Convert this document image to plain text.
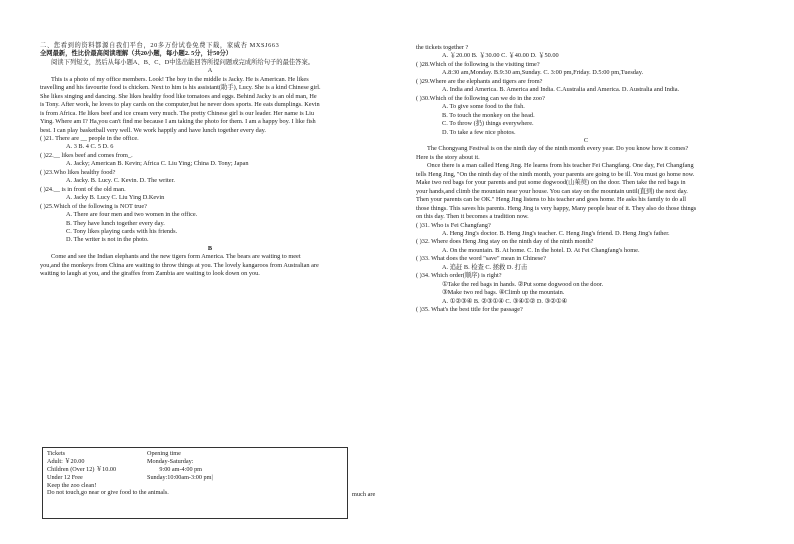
二、您看到的资料都源自我们平台，20多万份试卷免费下载，家威杏 MXSJ663
全网最新，性比价最高阅读理解（共20小题，每小题2. 5分，计50分）
阅读下列短文，然后从每小题A、B、C、D中选出能回答所提问题或完成所给句子的最佳答案。
A
This is a photo of my office members. Look! The boy in the middle is Jacky. He is American. He likes
travelling and his favourite food is chicken. Next to him is his assistant(助手), Lucy. She is a kind Chinese girl.
She likes singing and dancing. She likes healthy food like tomatoes and eggs. Behind Jacky is an old man, He
is Tony. After work, he loves to play cards on the computer,but he never does sports. He eats dumplings. Kevin
is from Africa. He likes beef and ice cream very much. The pretty Chinese girl is our leader. Her name is Liu
Ying. Where am I? Ha,you can't find me because I am taking the photo for them. I am a happy boy. I like fish
best. I can play basketball very well. We work happily and have lunch together every day.
( )21. There are __ people in the office.
A. 3 B. 4 C. 5 D. 6
( )22.__ likes beef and comes from_.
A. Jacky; American B. Kevin; Africa C. Liu Ying; China D. Tony; Japan
( )23.Who likes healthy food?
A. Jacky. B. Lucy. C. Kevin. D. The writer.
( )24.__ is in front of the old man.
A. Jacky B. Lucy C. Liu Ying D.Kevin
( )25.Which of the following is NOT true?
A. There are four men and two women in the office.
B. They have lunch together every day.
C. Tony likes playing cards with his friends.
D. The writer is not in the photo.
B
Come and see the Indian elephants and the new tigers form America. The bears are waiting to meet
you,and the monkeys from China are waiting to throw things at you. The lovely kangaroos from Australian are
waiting to laugh at you, and the giraffes from Zambia are waiting to look down on you.
the tickets together ?
A. ￥20.00 B. ￥30.00 C. ￥40.00 D. ￥50.00
( )28.Which of the following is the visiting time?
A.8:30 am,Monday. B.9:30 am,Sunday. C. 3:00 pm,Friday. D.5:00 pm,Tuesday.
( )29.Where are the elephants and tigers are from?
A. India and America. B. America and India. C.Australia and America. D. Australia and India.
( )30.Which of the following can we do in the zoo?
A. To give some food to the fish.
B. To touch the monkey on the head.
C. To throw (扔) things everywhere.
D. To take a few nice photos.
C
The Chongyang Festival is on the ninth day of the ninth month every year. Do you know how it comes?
Here is the story about it.
Once there is a man called Heng Jing. He learns from his teacher Fei Changfang. One day, Fei Changfang
tells Heng Jing, "On the ninth day of the ninth month, your parents are going to be ill. You must go home now.
Make two red bags for your parents and put some dogwood(山茱萸) on the door. Then take the red bags in
your hands,and climb the mountain near your house. You can stay on the mountain until(直到) the next day.
Then your parents can be OK." Heng Jing listens to his teacher and goes home. He asks his family to do all
those things. This saves his parents. Heng Jing is very happy, Many people hear of it. They also do those things
on this day. Then it becomes a tradition now.
( )31. Who is Fei Changfang?
A. Heng Jing's doctor. B. Heng Jing's teacher. C. Heng Jing's friend. D. Heng Jing's father.
( )32. Where does Heng Jing stay on the ninth day of the ninth month?
A. On the mountain. B. At home. C. In the hotel. D. At Fei Changfang's home.
( )33. What does the word "save" mean in Chinese?
A. 追赶 B. 检查 C. 拯救 D. 打击
( )34. Which order(顺序) is right?
①Take the red bags in hands. ②Put some dogwood on the door.
③Make two red bags. ④Climb up the mountain.
A. ①②③④ B. ②③①④ C. ③④①② D. ③②①④
( )35. What's the best title for the passage?
Tickets	Opening time
Adult: ￥20.00	Monday-Saturday:
Children (Over 12) ￥10.00	9:00 am-4:00 pm
Under 12 Free	Sunday:10:00am-3:00 pm|
Keep the zoo clean!
Do not touch,go near or give food to the animals.	much are
